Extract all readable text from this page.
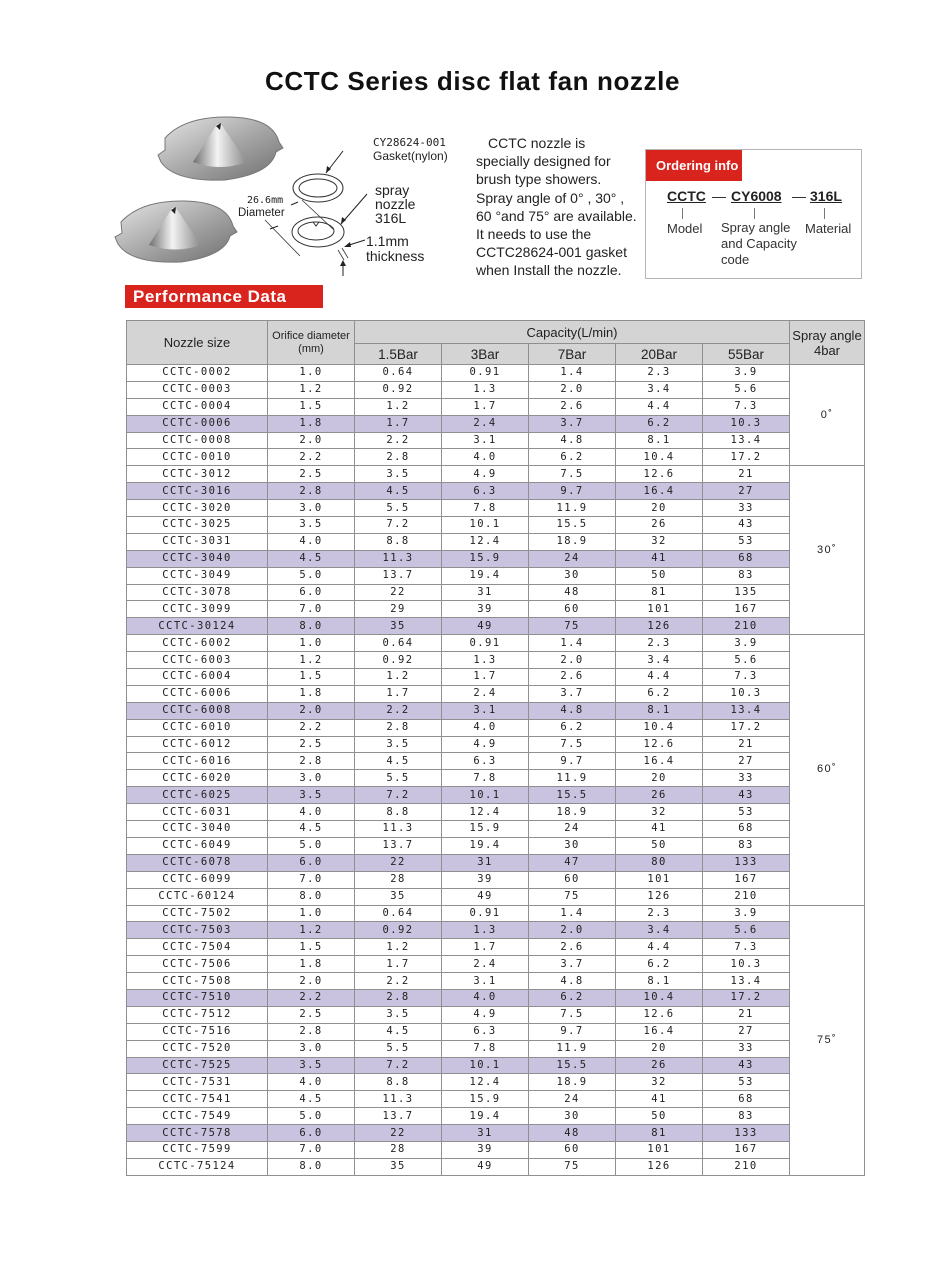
CCTC Series disc flat fan nozzle
CY28624-001
Gasket(nylon)
26.6mm
Diameter
spray
nozzle
316L
1.1mm
thickness

CCTC nozzle is specially designed for brush type showers. Spray angle of 0° , 30° , 60 °and 75° are available. It needs to use the CCTC28624-001 gasket when Install the nozzle.

Ordering info
CCTC — CY6008 — 316L
Model Spray angle
and Capacity
code
Material
Performance Data
Nozzle size	Orifice diameter
(mm)
	Capacity(L/min)	Spray angle
4bar

		1.5Bar	3Bar	7Bar	20Bar	55Bar	
CCTC-0002	1.0	0.64	0.91	1.4	2.3	3.9	0˚
CCTC-0003	1.2	0.92	1.3	2.0	3.4	5.6	
CCTC-0004	1.5	1.2	1.7	2.6	4.4	7.3	
CCTC-0006	1.8	1.7	2.4	3.7	6.2	10.3	
CCTC-0008	2.0	2.2	3.1	4.8	8.1	13.4	
CCTC-0010	2.2	2.8	4.0	6.2	10.4	17.2	
CCTC-3012	2.5	3.5	4.9	7.5	12.6	21	30˚
CCTC-3016	2.8	4.5	6.3	9.7	16.4	27	
CCTC-3020	3.0	5.5	7.8	11.9	20	33	
CCTC-3025	3.5	7.2	10.1	15.5	26	43	
CCTC-3031	4.0	8.8	12.4	18.9	32	53	
CCTC-3040	4.5	11.3	15.9	24	41	68	
CCTC-3049	5.0	13.7	19.4	30	50	83	
CCTC-3078	6.0	22	31	48	81	135	
CCTC-3099	7.0	29	39	60	101	167	
CCTC-30124	8.0	35	49	75	126	210	
CCTC-6002	1.0	0.64	0.91	1.4	2.3	3.9	60˚
CCTC-6003	1.2	0.92	1.3	2.0	3.4	5.6	
CCTC-6004	1.5	1.2	1.7	2.6	4.4	7.3	
CCTC-6006	1.8	1.7	2.4	3.7	6.2	10.3	
CCTC-6008	2.0	2.2	3.1	4.8	8.1	13.4	
CCTC-6010	2.2	2.8	4.0	6.2	10.4	17.2	
CCTC-6012	2.5	3.5	4.9	7.5	12.6	21	
CCTC-6016	2.8	4.5	6.3	9.7	16.4	27	
CCTC-6020	3.0	5.5	7.8	11.9	20	33	
CCTC-6025	3.5	7.2	10.1	15.5	26	43	
CCTC-6031	4.0	8.8	12.4	18.9	32	53	
CCTC-3040	4.5	11.3	15.9	24	41	68	
CCTC-6049	5.0	13.7	19.4	30	50	83	
CCTC-6078	6.0	22	31	47	80	133	
CCTC-6099	7.0	28	39	60	101	167	
CCTC-60124	8.0	35	49	75	126	210	
CCTC-7502	1.0	0.64	0.91	1.4	2.3	3.9	75˚
CCTC-7503	1.2	0.92	1.3	2.0	3.4	5.6	
CCTC-7504	1.5	1.2	1.7	2.6	4.4	7.3	
CCTC-7506	1.8	1.7	2.4	3.7	6.2	10.3	
CCTC-7508	2.0	2.2	3.1	4.8	8.1	13.4	
CCTC-7510	2.2	2.8	4.0	6.2	10.4	17.2	
CCTC-7512	2.5	3.5	4.9	7.5	12.6	21	
CCTC-7516	2.8	4.5	6.3	9.7	16.4	27	
CCTC-7520	3.0	5.5	7.8	11.9	20	33	
CCTC-7525	3.5	7.2	10.1	15.5	26	43	
CCTC-7531	4.0	8.8	12.4	18.9	32	53	
CCTC-7541	4.5	11.3	15.9	24	41	68	
CCTC-7549	5.0	13.7	19.4	30	50	83	
CCTC-7578	6.0	22	31	48	81	133	
CCTC-7599	7.0	28	39	60	101	167	
CCTC-75124	8.0	35	49	75	126	210	
